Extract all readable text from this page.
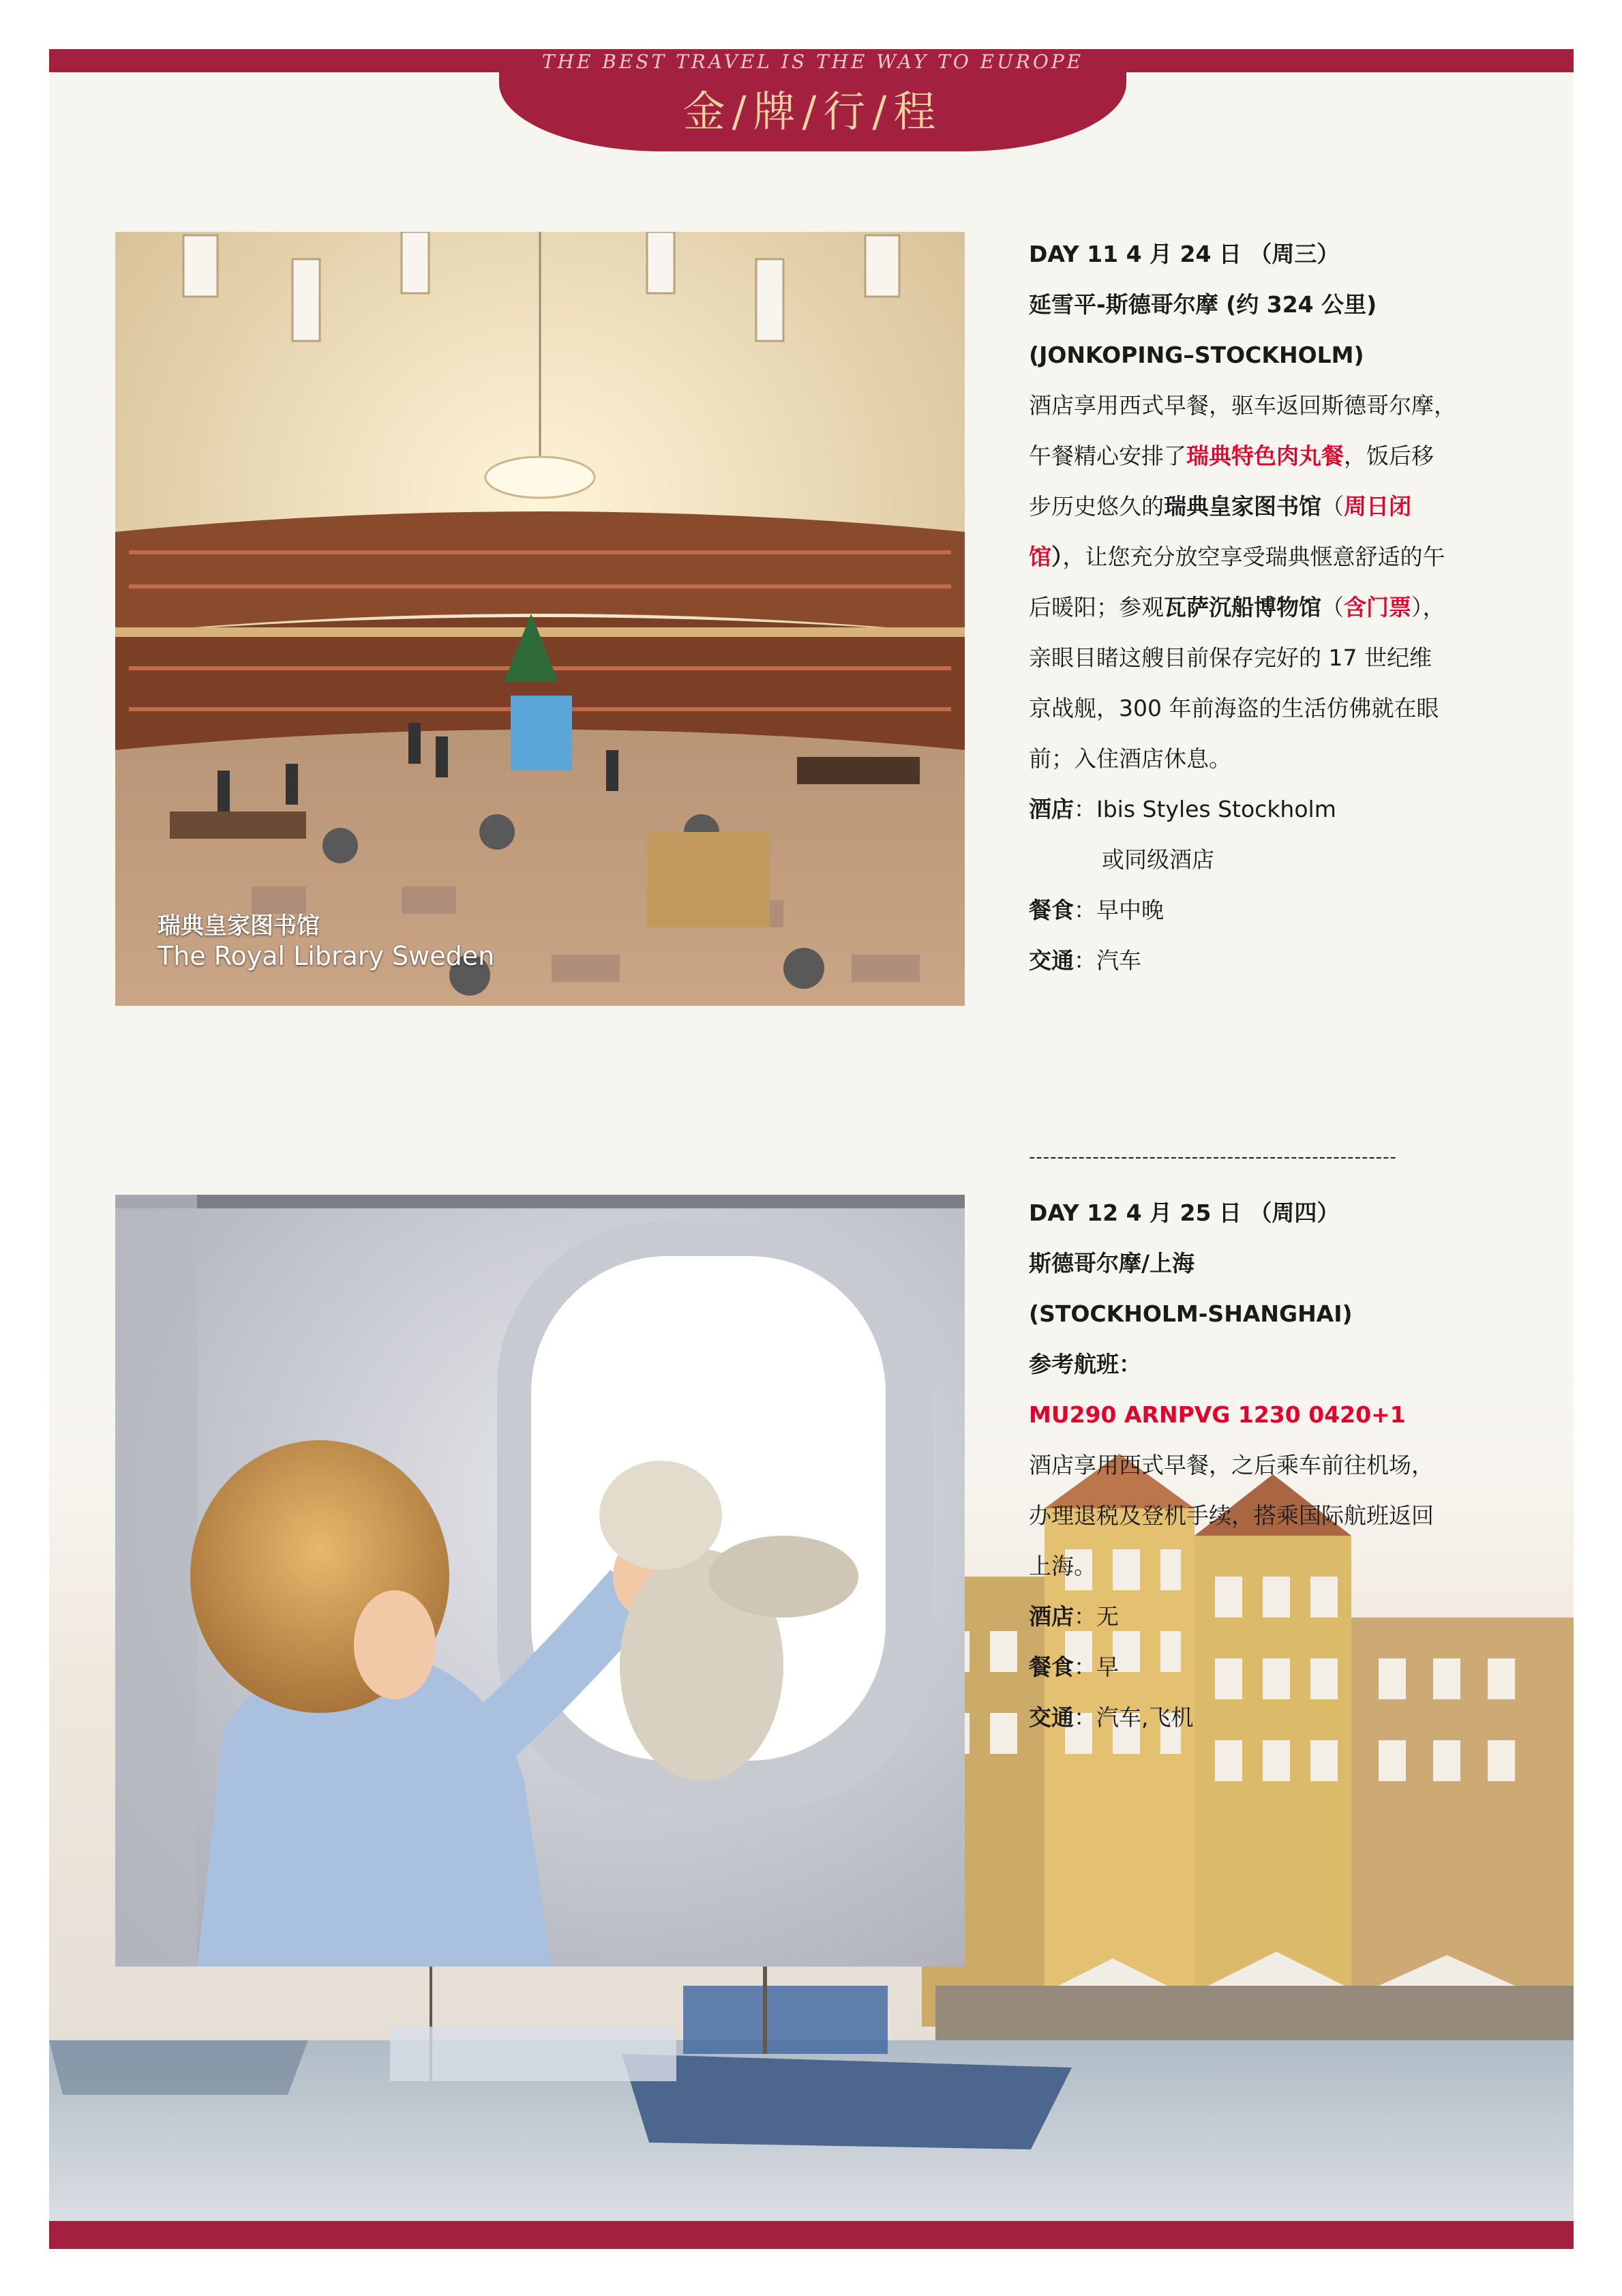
THE BEST TRAVEL IS THE WAY TO EUROPE
金/牌/行/程
瑞典皇家图书馆
The Royal Library Sweden
DAY 11 4 月 24 日 （周三）
延雪平-斯德哥尔摩 (约 324 公里)
(JONKOPING–STOCKHOLM)
酒店享用西式早餐，驱车返回斯德哥尔摩，
午餐精心安排了瑞典特色肉丸餐，饭后移
步历史悠久的瑞典皇家图书馆（周日闭
馆），让您充分放空享受瑞典惬意舒适的午
后暖阳；参观瓦萨沉船博物馆（含门票），
亲眼目睹这艘目前保存完好的 17 世纪维
京战舰，300 年前海盗的生活仿佛就在眼
前；入住酒店休息。
酒店：Ibis Styles Stockholm
或同级酒店
餐食：早中晚
交通：汽车
----------------------------------------------------
DAY 12 4 月 25 日 （周四）
斯德哥尔摩/上海
(STOCKHOLM-SHANGHAI)
参考航班：
MU290 ARNPVG 1230 0420+1
酒店享用西式早餐，之后乘车前往机场，
办理退税及登机手续，搭乘国际航班返回
上海。
酒店：无
餐食：早
交通：汽车,飞机
